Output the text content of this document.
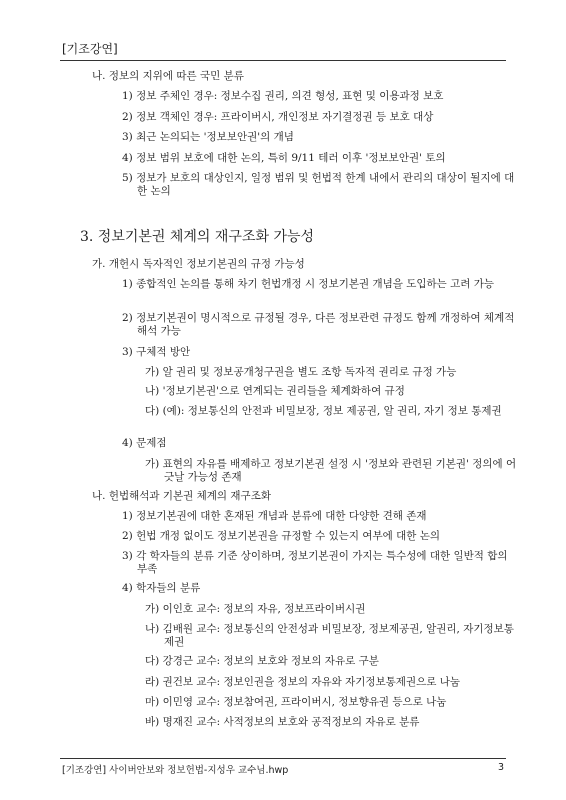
[기조강연]
나. 정보의 지위에 따른 국민 분류
1) 정보 주체인 경우: 정보수집 권리, 의견 형성, 표현 및 이용과정 보호
2) 정보 객체인 경우: 프라이버시, 개인정보 자기결정권 등 보호 대상
3) 최근 논의되는 '정보보안권'의 개념
4) 정보 범위 보호에 대한 논의, 특히 9/11 테러 이후 '정보보안권' 토의
5) 정보가 보호의 대상인지, 일정 범위 및 헌법적 한계 내에서 관리의 대상이 될지에 대한 논의
3. 정보기본권 체계의 재구조화 가능성
가. 개헌시 독자적인 정보기본권의 규정 가능성
1) 종합적인 논의를 통해 차기 헌법개정 시 정보기본권 개념을 도입하는 고려 가능
2) 정보기본권이 명시적으로 규정될 경우, 다른 정보관련 규정도 함께 개정하여 체계적 해석 가능
3) 구체적 방안
가) 알 권리 및 정보공개청구권을 별도 조항 독자적 권리로 규정 가능
나) '정보기본권'으로 연계되는 권리들을 체계화하여 규정
다) (예): 정보통신의 안전과 비밀보장, 정보 제공권, 알 권리, 자기 정보 통제권
4) 문제점
가) 표현의 자유를 배제하고 정보기본권 설정 시 '정보와 관련된 기본권' 정의에 어긋날 가능성 존재
나. 헌법해석과 기본권 체계의 재구조화
1) 정보기본권에 대한 혼재된 개념과 분류에 대한 다양한 견해 존재
2) 헌법 개정 없이도 정보기본권을 규정할 수 있는지 여부에 대한 논의
3) 각 학자들의 분류 기준 상이하며, 정보기본권이 가지는 특수성에 대한 일반적 합의 부족
4) 학자들의 분류
가) 이인호 교수: 정보의 자유, 정보프라이버시권
나) 김배원 교수: 정보통신의 안전성과 비밀보장, 정보제공권, 알권리, 자기정보통제권
다) 강경근 교수: 정보의 보호와 정보의 자유로 구분
라) 권건보 교수: 정보인권을 정보의 자유와 자기정보통제권으로 나눔
마) 이민영 교수: 정보참여권, 프라이버시, 정보향유권 등으로 나눔
바) 명재진 교수: 사적정보의 보호와 공적정보의 자유로 분류
[기조강연] 사이버안보와 정보헌법-지성우 교수님.hwp	3
